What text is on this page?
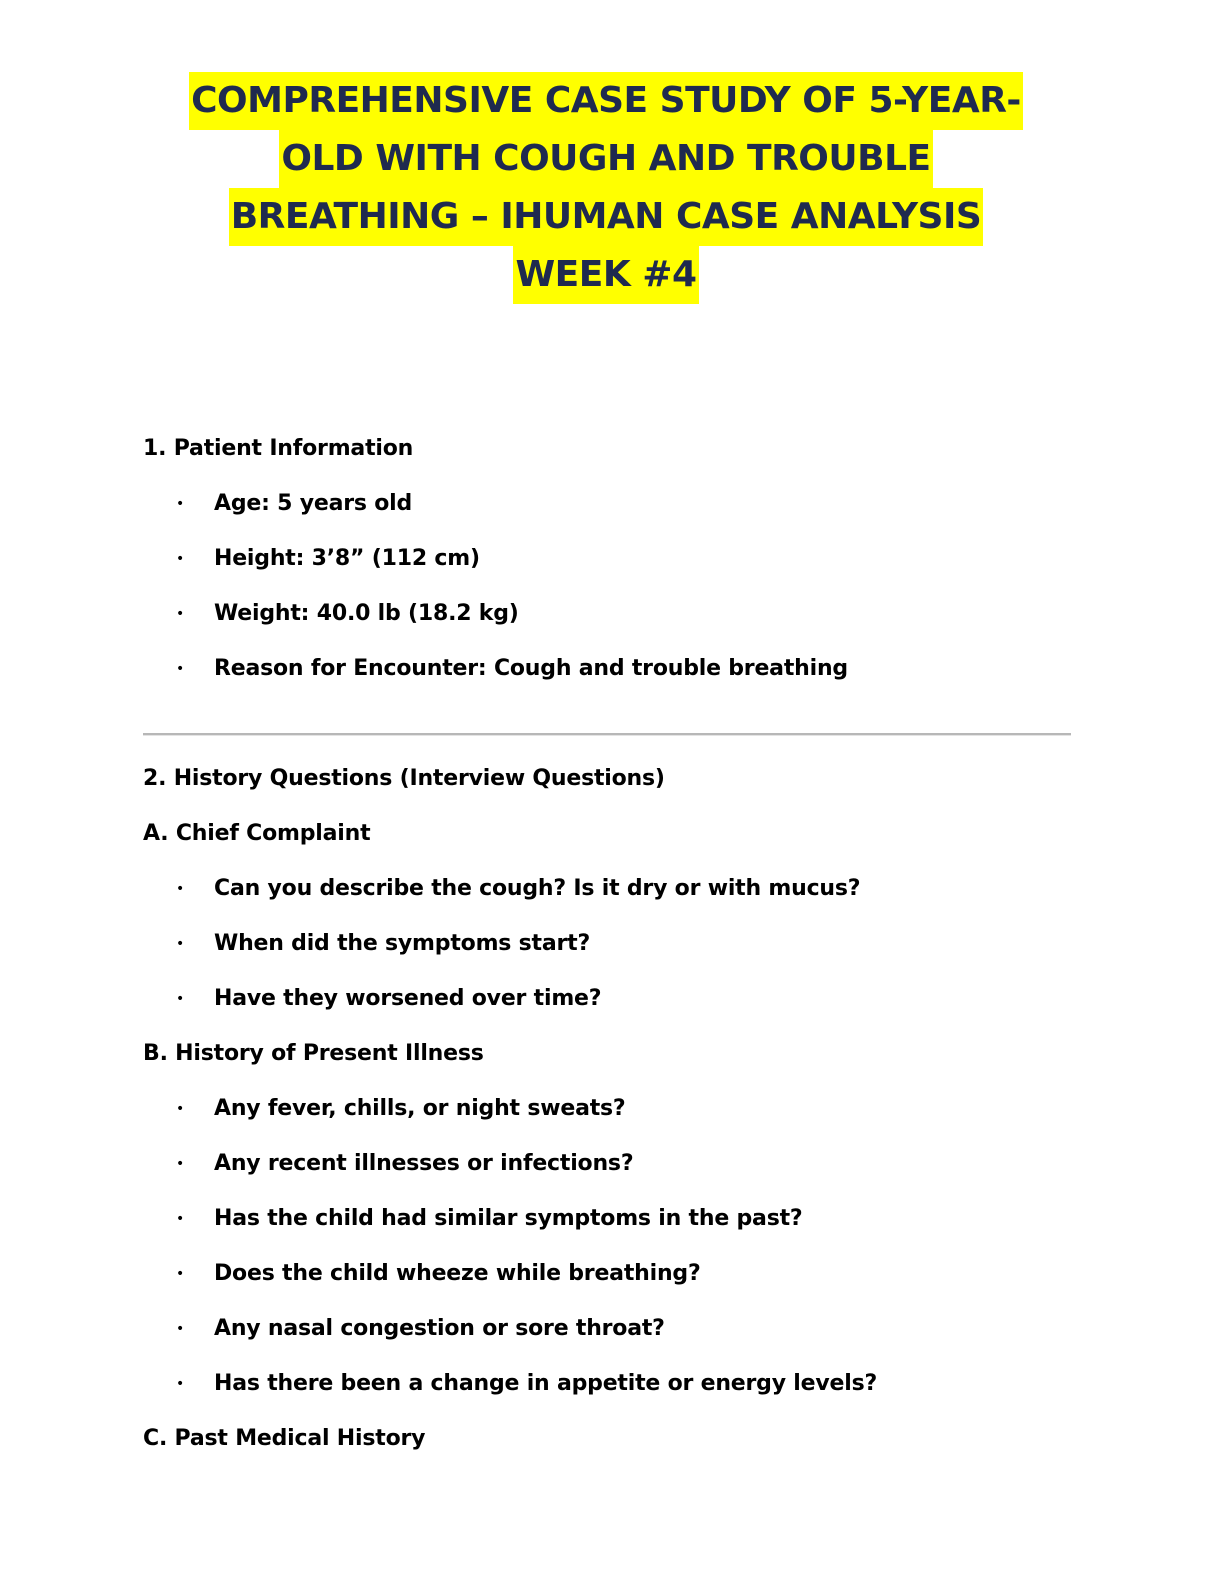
COMPREHENSIVE CASE STUDY OF 5-YEAR-
OLD WITH COUGH AND TROUBLE
BREATHING – IHUMAN CASE ANALYSIS
WEEK #4
1. Patient Information
• Age: 5 years old
• Height: 3’8” (112 cm)
• Weight: 40.0 lb (18.2 kg)
• Reason for Encounter: Cough and trouble breathing
2. History Questions (Interview Questions)
A. Chief Complaint
• Can you describe the cough? Is it dry or with mucus?
• When did the symptoms start?
• Have they worsened over time?
B. History of Present Illness
• Any fever, chills, or night sweats?
• Any recent illnesses or infections?
• Has the child had similar symptoms in the past?
• Does the child wheeze while breathing?
• Any nasal congestion or sore throat?
• Has there been a change in appetite or energy levels?
C. Past Medical History
